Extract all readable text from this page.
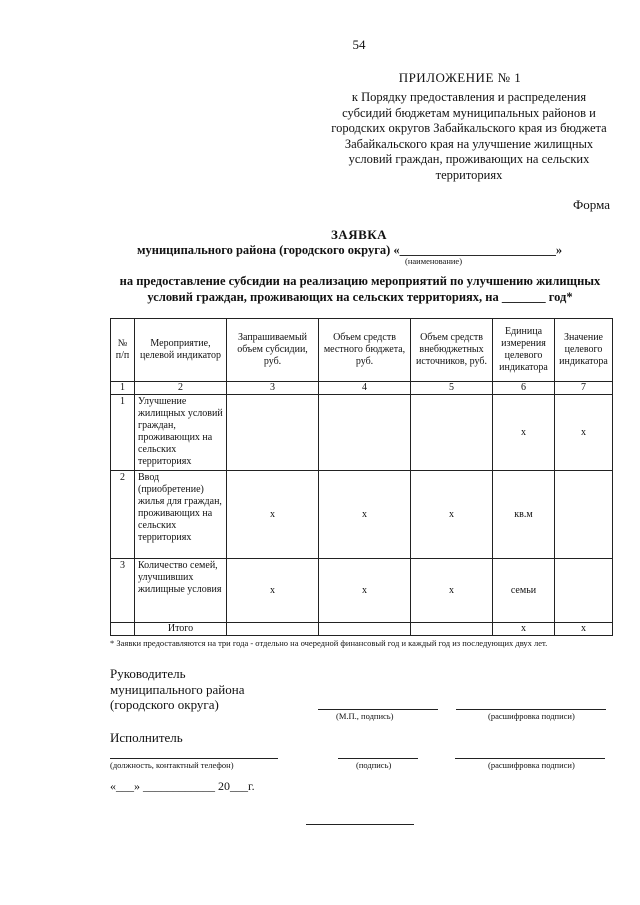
54
ПРИЛОЖЕНИЕ № 1
к Порядку предоставления и распределения
субсидий бюджетам муниципальных районов и
городских округов Забайкальского края из бюджета
Забайкальского края на улучшение жилищных
условий граждан, проживающих на сельских
территориях
Форма
ЗАЯВКА
муниципального района (городского округа) «_________________________»
(наименование)
на предоставление субсидии на реализацию мероприятий по улучшению жилищных
условий граждан, проживающих на сельских территориях, на _______ год*
№ п/п	Мероприятие, целевой индикатор	Запрашиваемый объем субсидии, руб.	Объем средств местного бюджета, руб.	Объем средств внебюджетных источников, руб.	Единица измерения целевого индикатора	Значение целевого индикатора
1	2	3	4	5	6	7
1	Улучшение жилищных условий граждан, проживающих на сельских территориях				х	х
2	Ввод (приобретение) жилья для граждан, проживающих на сельских территориях	х	х	х	кв.м	
3	Количество семей, улучшивших жилищные условия	х	х	х	семьи	
	Итого				х	х
* Заявки предоставляются на три года - отдельно на очередной финансовый год и каждый год из последующих двух лет.
Руководитель
муниципального района
(городского округа)
(М.П., подпись)	(расшифровка подписи)
Исполнитель
(должность, контактный телефон)	(подпись)	(расшифровка подписи)
«___» ____________ 20___г.
